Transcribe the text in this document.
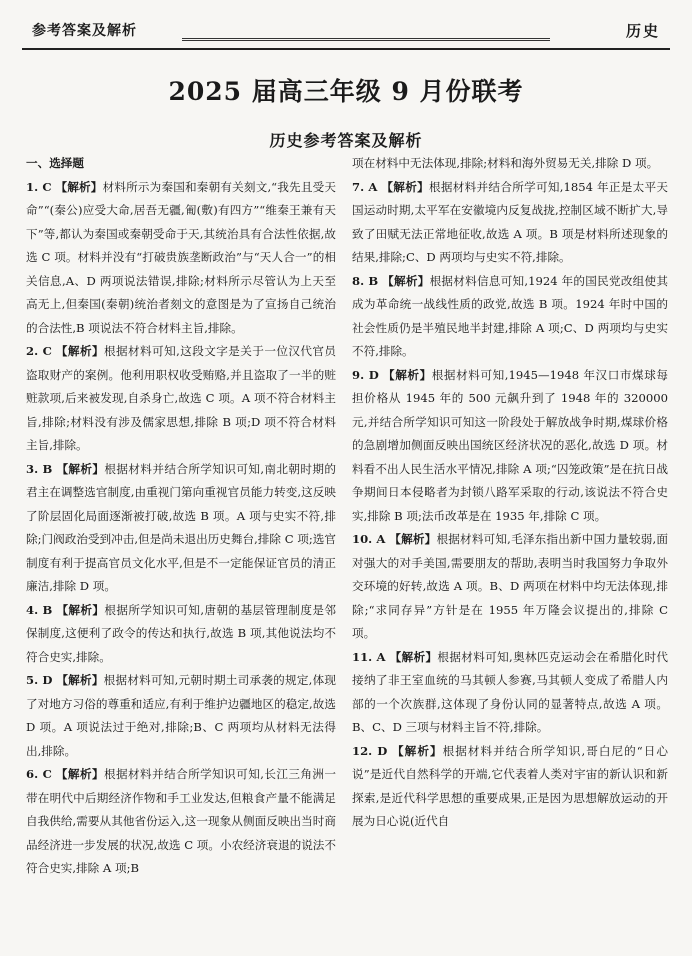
参考答案及解析	历史
2025 届高三年级 9 月份联考
历史参考答案及解析

一、选择题

1. C 【解析】材料所示为秦国和秦朝有关刻文,“我先且受天命”“(秦公)应受大命,居吾无疆,匍(敷)有四方”“维秦王兼有天下”等,都认为秦国或秦朝受命于天,其统治具有合法性依据,故选 C 项。材料并没有“打破贵族垄断政治”与“天人合一”的相关信息,A、D 两项说法错误,排除;材料所示尽管认为上天至高无上,但秦国(秦朝)统治者刻文的意图是为了宣扬自己统治的合法性,B 项说法不符合材料主旨,排除。

2. C 【解析】根据材料可知,这段文字是关于一位汉代官员盗取财产的案例。他利用职权收受贿赂,并且盗取了一半的赃赃款项,后来被发现,自杀身亡,故选 C 项。A 项不符合材料主旨,排除;材料没有涉及儒家思想,排除 B 项;D 项不符合材料主旨,排除。

3. B 【解析】根据材料并结合所学知识可知,南北朝时期的君主在调整选官制度,由重视门第向重视官员能力转变,这反映了阶层固化局面逐渐被打破,故选 B 项。A 项与史实不符,排除;门阀政治受到冲击,但是尚未退出历史舞台,排除 C 项;选官制度有利于提高官员文化水平,但是不一定能保证官员的清正廉洁,排除 D 项。

4. B 【解析】根据所学知识可知,唐朝的基层管理制度是邻保制度,这便利了政令的传达和执行,故选 B 项,其他说法均不符合史实,排除。

5. D 【解析】根据材料可知,元朝时期土司承袭的规定,体现了对地方习俗的尊重和适应,有利于维护边疆地区的稳定,故选 D 项。A 项说法过于绝对,排除;B、C 两项均从材料无法得出,排除。

6. C 【解析】根据材料并结合所学知识可知,长江三角洲一带在明代中后期经济作物和手工业发达,但粮食产量不能满足自我供给,需要从其他省份运入,这一现象从侧面反映出当时商品经济进一步发展的状况,故选 C 项。小农经济衰退的说法不符合史实,排除 A 项;B

项在材料中无法体现,排除;材料和海外贸易无关,排除 D 项。

7. A 【解析】根据材料并结合所学可知,1854 年正是太平天国运动时期,太平军在安徽境内反复战拢,控制区域不断扩大,导致了田赋无法正常地征收,故选 A 项。B 项是材料所述现象的结果,排除;C、D 两项均与史实不符,排除。

8. B 【解析】根据材料信息可知,1924 年的国民党改组使其成为革命统一战线性质的政党,故选 B 项。1924 年时中国的社会性质仍是半殖民地半封建,排除 A 项;C、D 两项均与史实不符,排除。

9. D 【解析】根据材料可知,1945—1948 年汉口市煤球每担价格从 1945 年的 500 元飙升到了 1948 年的 320000 元,并结合所学知识可知这一阶段处于解放战争时期,煤球价格的急剧增加侧面反映出国统区经济状况的恶化,故选 D 项。材料看不出人民生活水平情况,排除 A 项;“囚笼政策”是在抗日战争期间日本侵略者为封锁八路军采取的行动,该说法不符合史实,排除 B 项;法币改革是在 1935 年,排除 C 项。

10. A 【解析】根据材料可知,毛泽东指出新中国力量较弱,面对强大的对手美国,需要朋友的帮助,表明当时我国努力争取外交环境的好转,故选 A 项。B、D 两项在材料中均无法体现,排除;“求同存异”方针是在 1955 年万隆会议提出的,排除 C 项。

11. A 【解析】根据材料可知,奥林匹克运动会在希腊化时代接纳了非王室血统的马其顿人参赛,马其顿人变成了希腊人内部的一个次族群,这体现了身份认同的显著特点,故选 A 项。B、C、D 三项与材料主旨不符,排除。

12. D 【解析】根据材料并结合所学知识,哥白尼的“日心说”是近代自然科学的开端,它代表着人类对宇宙的新认识和新探索,是近代科学思想的重要成果,正是因为思想解放运动的开展为日心说(近代自
